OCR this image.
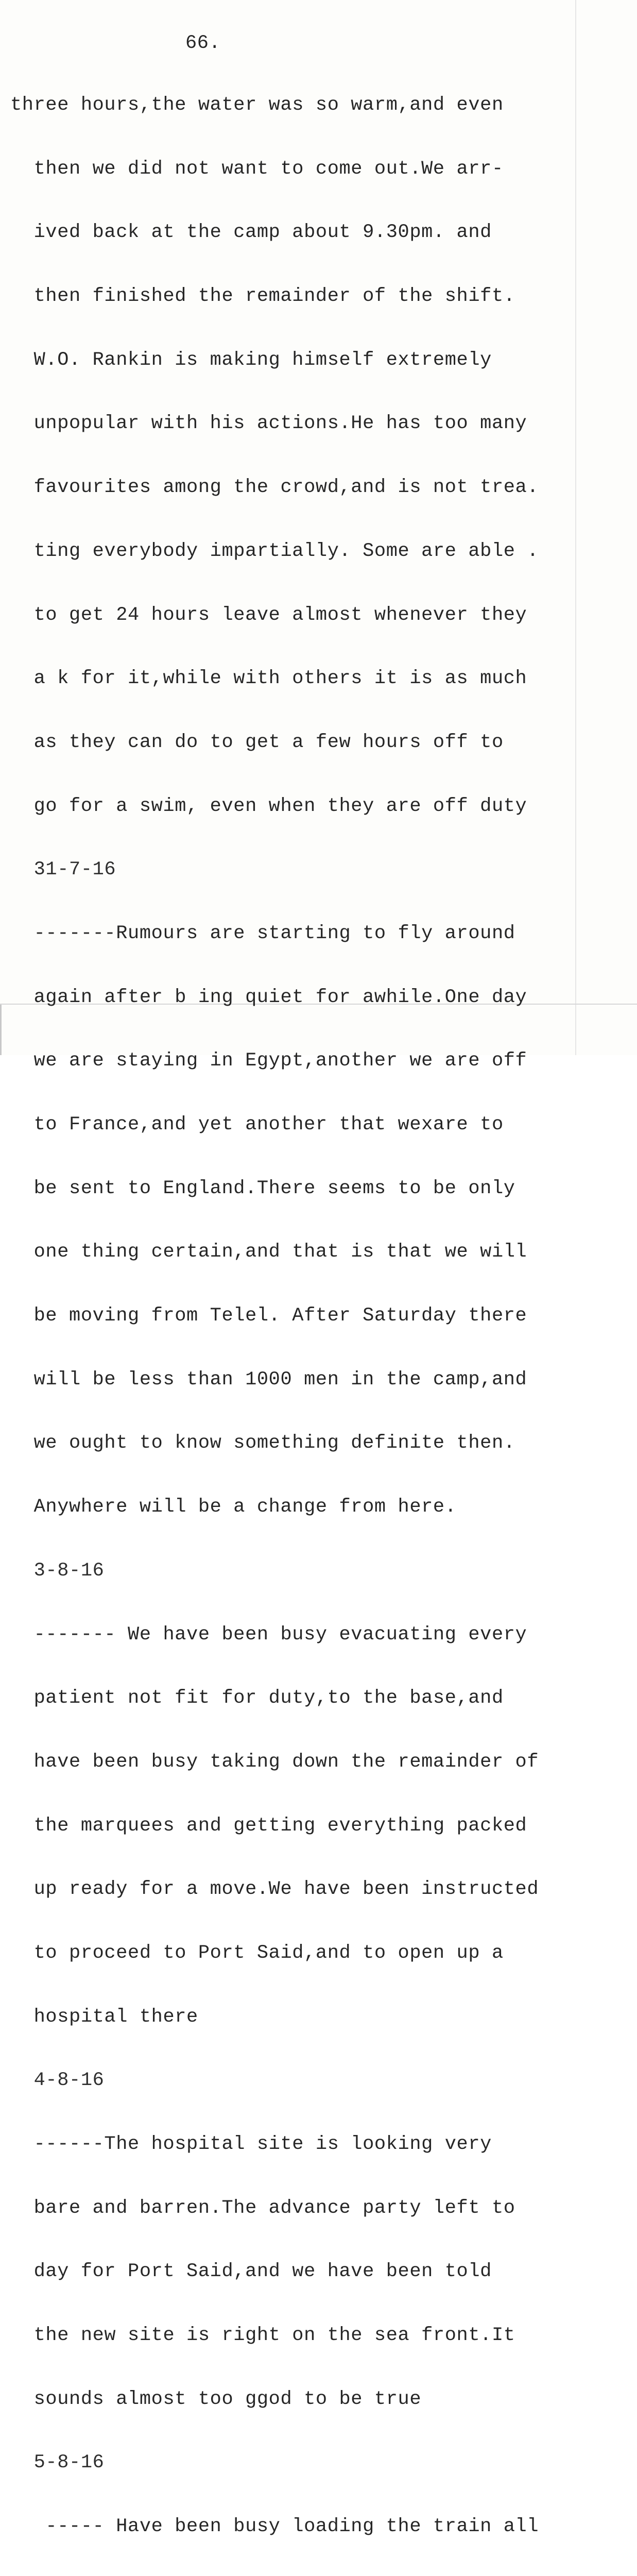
66.

three hours,the water was so warm,and even

then we did not want to come out.We arr-

ived back at the camp about 9.30pm. and

then finished the remainder of the shift.

W.O. Rankin is making himself extremely

unpopular with his actions.He has too many

favourites among the crowd,and is not trea.

ting everybody impartially. Some are able .

to get 24 hours leave almost whenever they

a k for it,while with others it is as much

as they can do to get a few hours off to

go for a swim, even when they are off duty

31-7-16

-------Rumours are starting to fly around

again after b ing quiet for awhile.One day

we are staying in Egypt,another we are off

to France,and yet another that wexare to

be sent to England.There seems to be only

one thing certain,and that is that we will

be moving from Telel. After Saturday there

will be less than 1000 men in the camp,and

we ought to know something definite then.

Anywhere will be a change from here.

3-8-16

------- We have been busy evacuating every

patient not fit for duty,to the base,and

have been busy taking down the remainder of

the marquees and getting everything packed

up ready for a move.We have been instructed

to proceed to Port Said,and to open up a

hospital there

4-8-16

------The hospital site is looking very

bare and barren.The advance party left to

day for Port Said,and we have been told

the new site is right on the sea front.It

sounds almost too ggod to be true

5-8-16

----- Have been busy loading the train all
